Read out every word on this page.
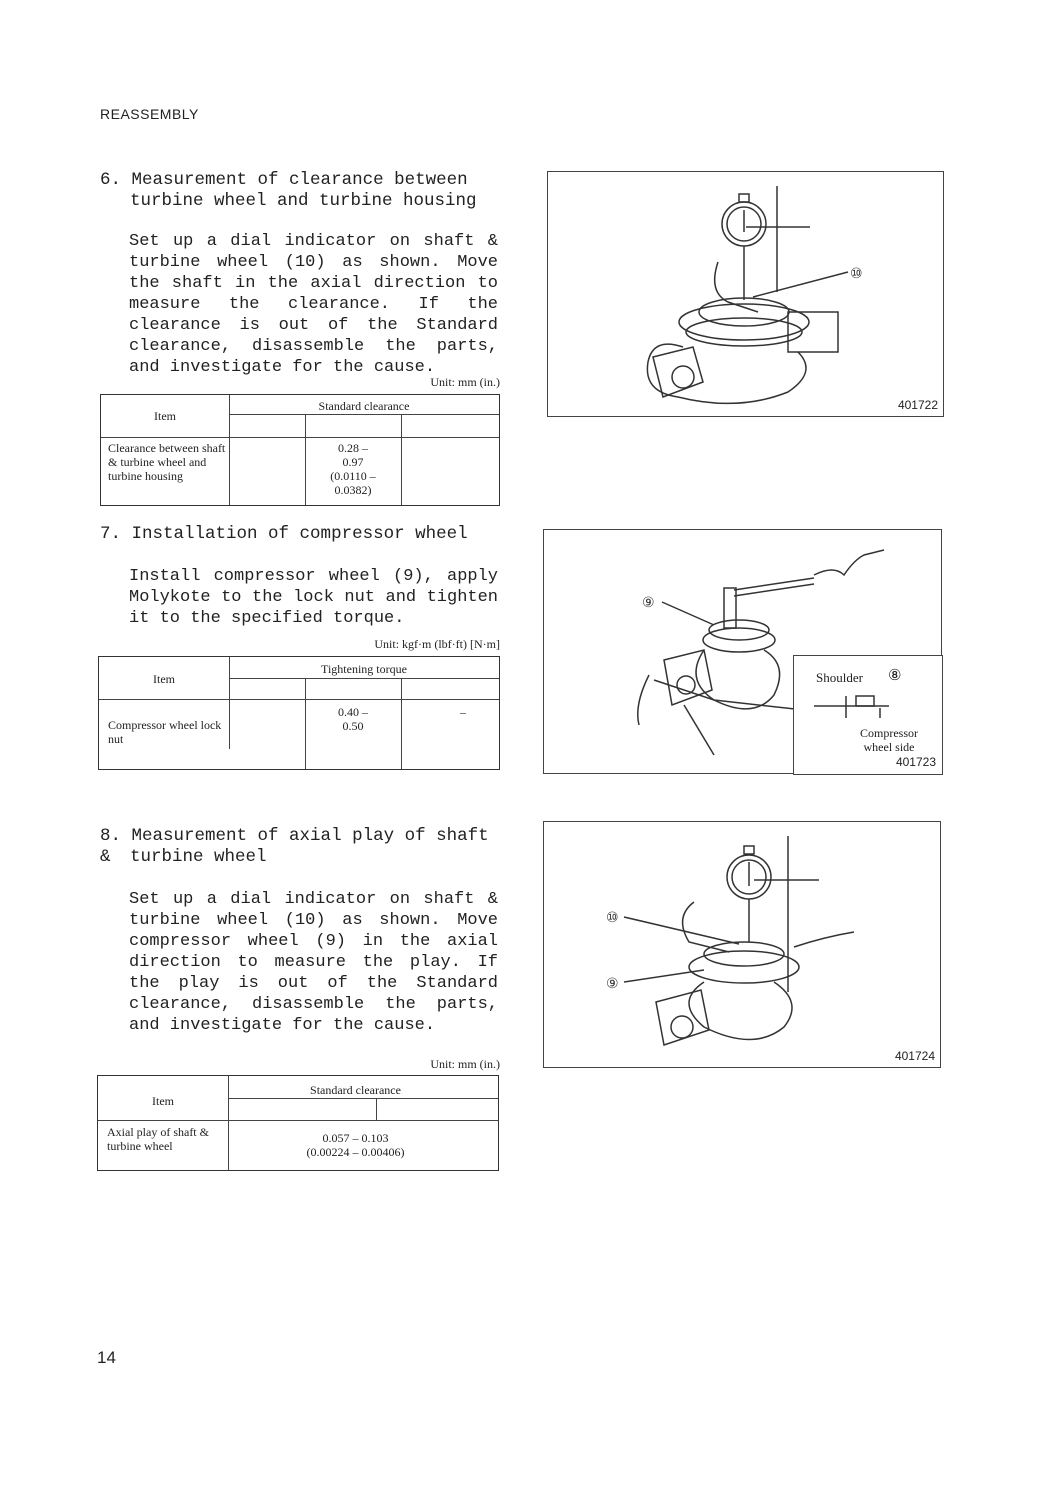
REASSEMBLY
6. Measurement of clearance between
turbine wheel and turbine housing
Set up a dial indicator on shaft & turbine wheel (10) as shown. Move the shaft in the axial direction to measure the clearance. If the clearance is out of the Standard clearance, disassemble the parts, and investigate for the cause.
Unit: mm (in.)
Item
Standard clearance
Clearance between shaft & turbine wheel and turbine housing
0.28 –
0.97
(0.0110 –
0.0382)
⑩
401722
7. Installation of compressor wheel
Install compressor wheel (9), apply Molykote to the lock nut and tighten it to the specified torque.
Unit: kgf·m (lbf·ft) [N·m]
Item
Tightening torque
Compressor wheel lock nut
0.40 –
0.50
–
⑨
Shoulder ⑧
Compressor
wheel side
401723
8. Measurement of axial play of shaft &	turbine wheel
Set up a dial indicator on shaft & turbine wheel (10) as shown. Move compressor wheel (9) in the axial direction to measure the play. If the play is out of the Standard clearance, disassemble the parts, and investigate for the cause.
Unit: mm (in.)
Item
Standard clearance
Axial play of shaft & turbine wheel
0.057 – 0.103
(0.00224 – 0.00406)
⑩
⑨
401724
14
